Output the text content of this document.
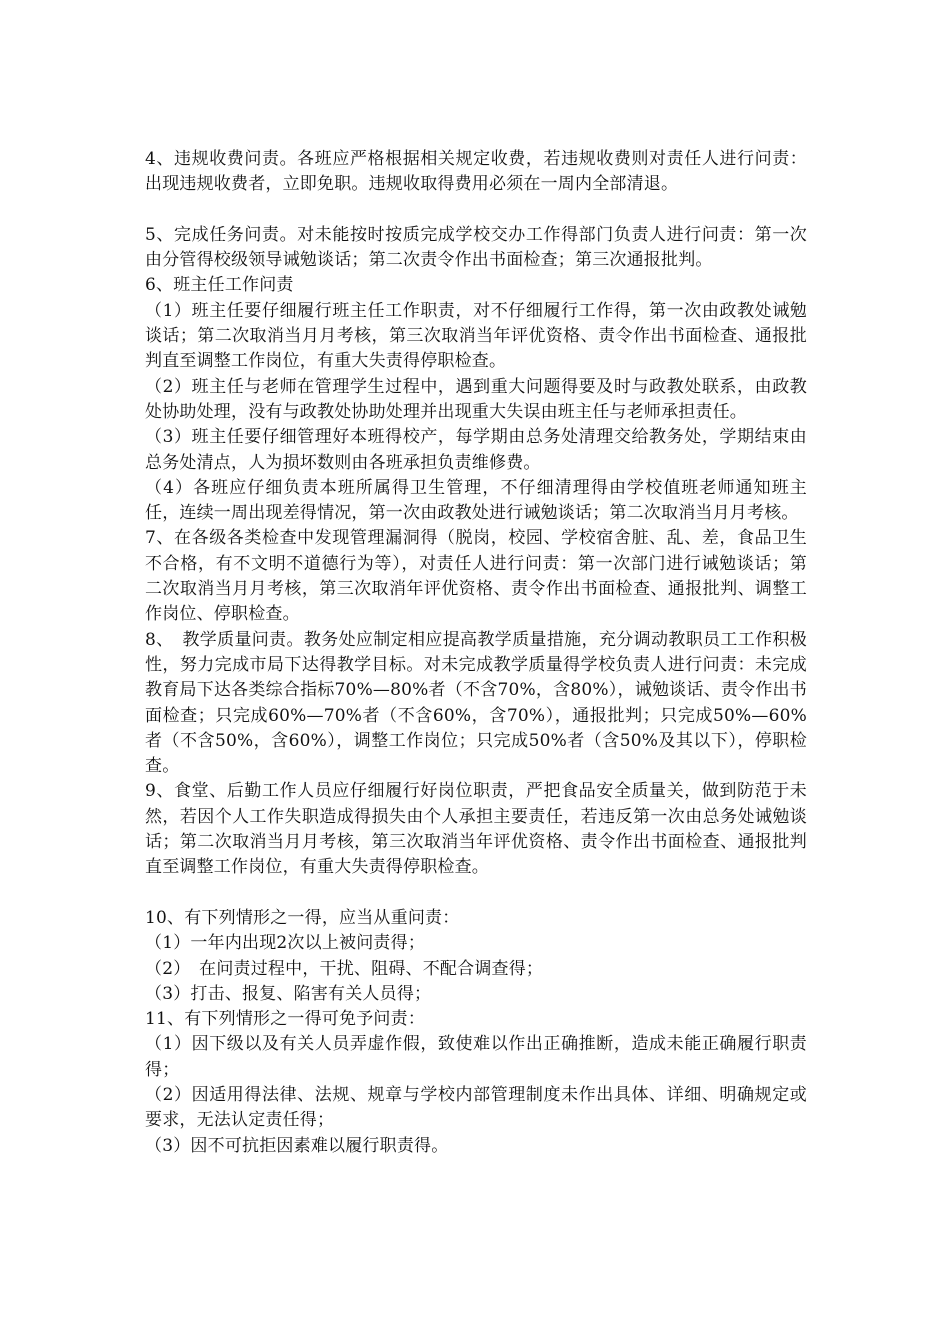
4、违规收费问责。各班应严格根据相关规定收费，若违规收费则对责任人进行问责：出现违规收费者，立即免职。违规收取得费用必须在一周内全部清退。

5、完成任务问责。对未能按时按质完成学校交办工作得部门负责人进行问责：第一次由分管得校级领导诫勉谈话；第二次责令作出书面检查；第三次通报批判。

6、班主任工作问责

（1）班主任要仔细履行班主任工作职责，对不仔细履行工作得，第一次由政教处诫勉谈话；第二次取消当月月考核，第三次取消当年评优资格、责令作出书面检查、通报批判直至调整工作岗位，有重大失责得停职检查。

（2）班主任与老师在管理学生过程中，遇到重大问题得要及时与政教处联系，由政教处协助处理，没有与政教处协助处理并出现重大失误由班主任与老师承担责任。

（3）班主任要仔细管理好本班得校产，每学期由总务处清理交给教务处，学期结束由总务处清点，人为损坏数则由各班承担负责维修费。

（4）各班应仔细负责本班所属得卫生管理，不仔细清理得由学校值班老师通知班主任，连续一周出现差得情况，第一次由政教处进行诫勉谈话；第二次取消当月月考核。

7、在各级各类检查中发现管理漏洞得（脱岗，校园、学校宿舍脏、乱、差，食品卫生不合格，有不文明不道德行为等），对责任人进行问责：第一次部门进行诫勉谈话；第二次取消当月月考核，第三次取消年评优资格、责令作出书面检查、通报批判、调整工作岗位、停职检查。

8、　教学质量问责。教务处应制定相应提高教学质量措施，充分调动教职员工工作积极性，努力完成市局下达得教学目标。对未完成教学质量得学校负责人进行问责：未完成教育局下达各类综合指标70%—80%者（不含70%，含80%），诫勉谈话、责令作出书面检查；只完成60%—70%者（不含60%，含70%），通报批判；只完成50%—60%者（不含50%，含60%），调整工作岗位；只完成50%者（含50%及其以下），停职检查。

9、食堂、后勤工作人员应仔细履行好岗位职责，严把食品安全质量关，做到防范于未然，若因个人工作失职造成得损失由个人承担主要责任，若违反第一次由总务处诫勉谈话；第二次取消当月月考核，第三次取消当年评优资格、责令作出书面检查、通报批判直至调整工作岗位，有重大失责得停职检查。

10、有下列情形之一得，应当从重问责：

（1）一年内出现2次以上被问责得；

（2）　在问责过程中，干扰、阻碍、不配合调查得；

（3）打击、报复、陷害有关人员得；

11、有下列情形之一得可免予问责：

（1）因下级以及有关人员弄虚作假，致使难以作出正确推断，造成未能正确履行职责得；

（2）因适用得法律、法规、规章与学校内部管理制度未作出具体、详细、明确规定或要求，无法认定责任得；

（3）因不可抗拒因素难以履行职责得。
